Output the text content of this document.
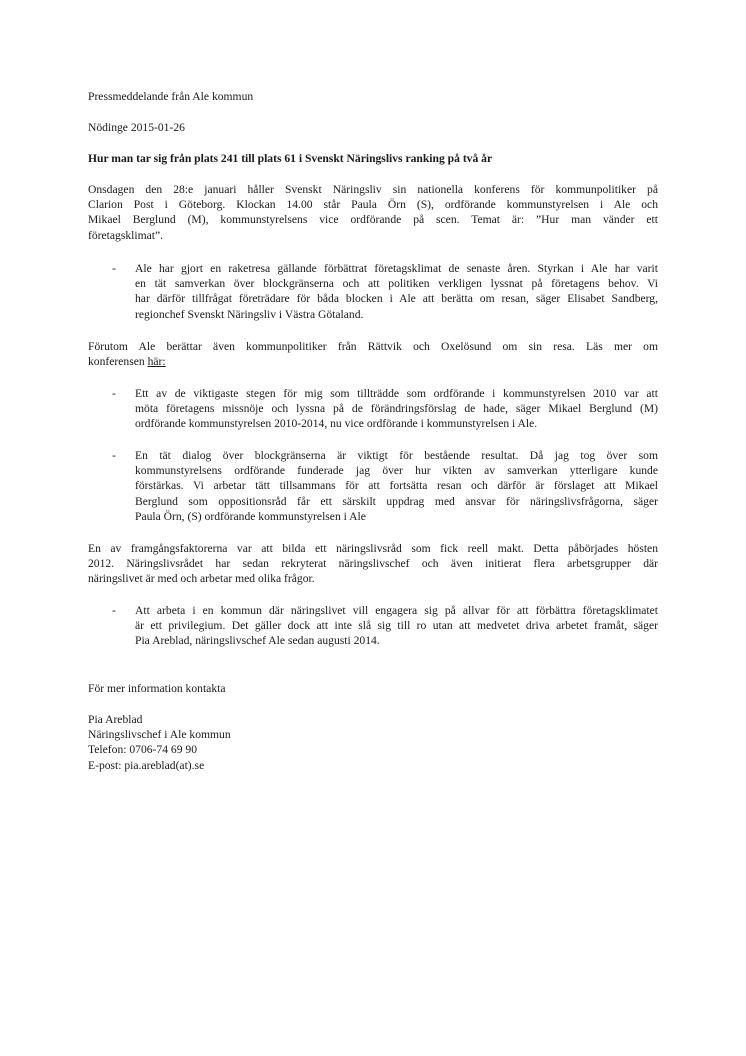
Pressmeddelande från Ale kommun
Nödinge 2015-01-26
Hur man tar sig från plats 241 till plats 61 i Svenskt Näringslivs ranking på två år
Onsdagen den 28:e januari håller Svenskt Näringsliv sin nationella konferens för kommunpolitiker på
Clarion Post i Göteborg. Klockan 14.00 står Paula Örn (S), ordförande kommunstyrelsen i Ale och
Mikael Berglund (M), kommunstyrelsens vice ordförande på scen. Temat är: ”Hur man vänder ett
företagsklimat”.
- Ale har gjort en raketresa gällande förbättrat företagsklimat de senaste åren. Styrkan i Ale har varit
en tät samverkan över blockgränserna och att politiken verkligen lyssnat på företagens behov. Vi
har därför tillfrågat företrädare för båda blocken i Ale att berätta om resan, säger Elisabet Sandberg,
regionchef Svenskt Näringsliv i Västra Götaland.
Förutom Ale berättar även kommunpolitiker från Rättvik och Oxelösund om sin resa. Läs mer om
konferensen här:
- Ett av de viktigaste stegen för mig som tillträdde som ordförande i kommunstyrelsen 2010 var att
möta företagens missnöje och lyssna på de förändringsförslag de hade, säger Mikael Berglund (M)
ordförande kommunstyrelsen 2010-2014, nu vice ordförande i kommunstyrelsen i Ale.
- En tät dialog över blockgränserna är viktigt för bestående resultat. Då jag tog över som
kommunstyrelsens ordförande funderade jag över hur vikten av samverkan ytterligare kunde
förstärkas. Vi arbetar tätt tillsammans för att fortsätta resan och därför är förslaget att Mikael
Berglund som oppositionsråd får ett särskilt uppdrag med ansvar för näringslivsfrågorna, säger
Paula Örn, (S) ordförande kommunstyrelsen i Ale
En av framgångsfaktorerna var att bilda ett näringslivsråd som fick reell makt. Detta påbörjades hösten
2012. Näringslivsrådet har sedan rekryterat näringslivschef och även initierat flera arbetsgrupper där
näringslivet är med och arbetar med olika frågor.
- Att arbeta i en kommun där näringslivet vill engagera sig på allvar för att förbättra företagsklimatet
är ett privilegium. Det gäller dock att inte slå sig till ro utan att medvetet driva arbetet framåt, säger
Pia Areblad, näringslivschef Ale sedan augusti 2014.
För mer information kontakta
Pia Areblad
Näringslivschef i Ale kommun
Telefon: 0706-74 69 90
E-post: pia.areblad(at).se
